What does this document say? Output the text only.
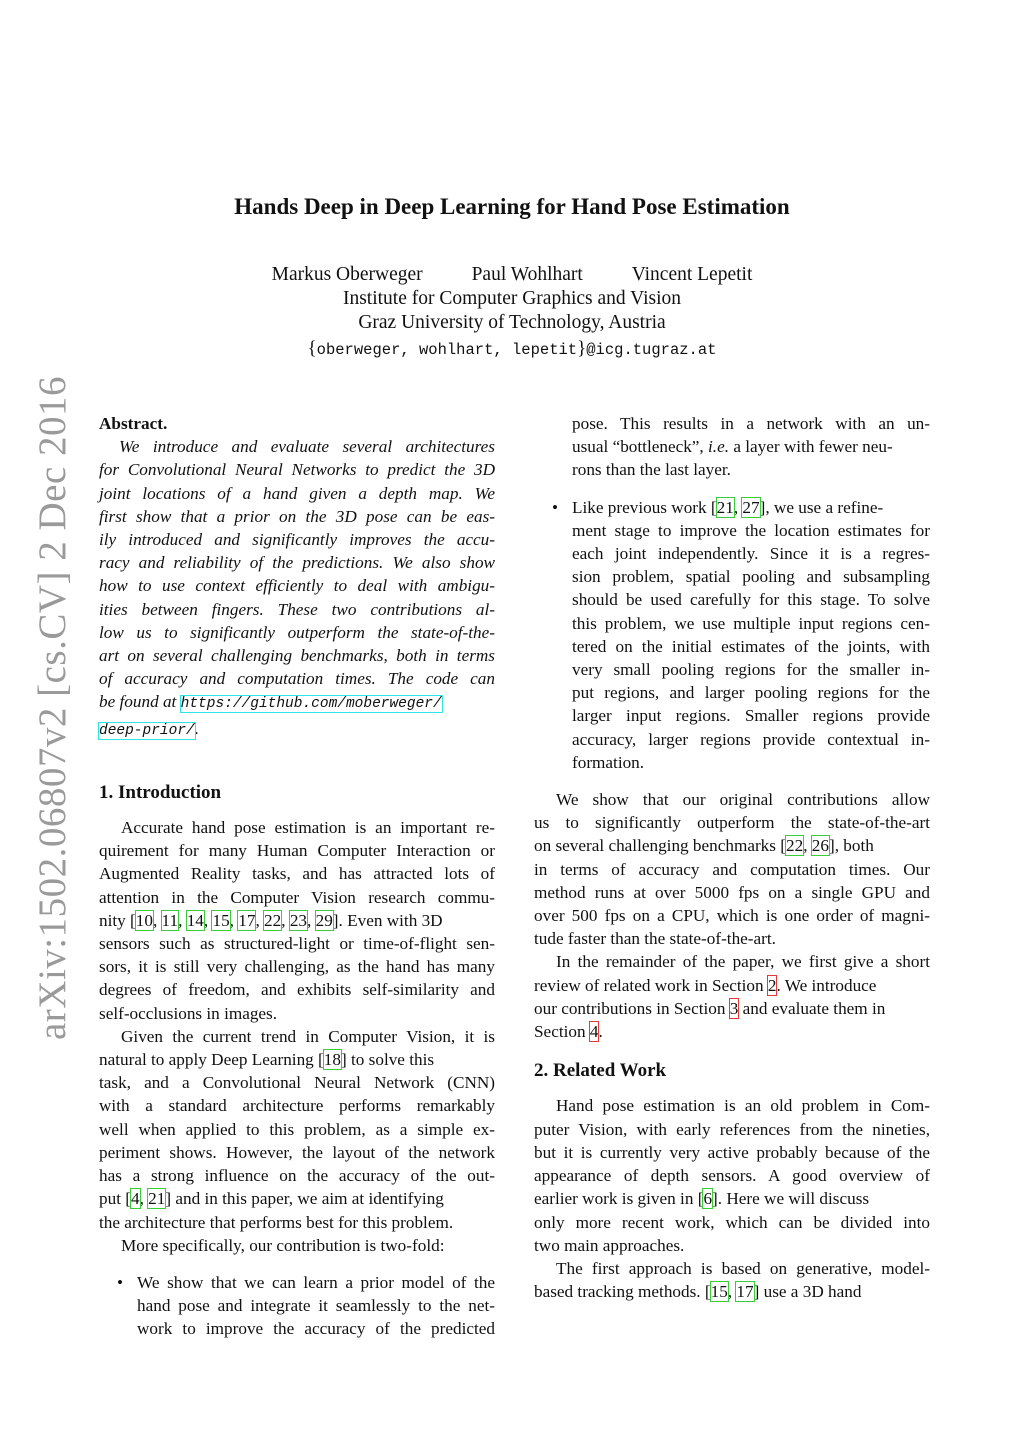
arXiv:1502.06807v2 [cs.CV] 2 Dec 2016
Hands Deep in Deep Learning for Hand Pose Estimation
Markus Oberweger	Paul Wohlhart	Vincent Lepetit
Institute for Computer Graphics and Vision
Graz University of Technology, Austria
{oberweger, wohlhart, lepetit}@icg.tugraz.at
Abstract.
We introduce and evaluate several architectures
for Convolutional Neural Networks to predict the 3D
joint locations of a hand given a depth map. We
first show that a prior on the 3D pose can be eas-
ily introduced and significantly improves the accu-
racy and reliability of the predictions. We also show
how to use context efficiently to deal with ambigu-
ities between fingers. These two contributions al-
low us to significantly outperform the state-of-the-
art on several challenging benchmarks, both in terms
of accuracy and computation times. The code can
be found at https://github.com/moberweger/
deep-prior/.
1. Introduction
Accurate hand pose estimation is an important re-
quirement for many Human Computer Interaction or
Augmented Reality tasks, and has attracted lots of
attention in the Computer Vision research commu-
nity [10, 11, 14, 15, 17, 22, 23, 29]. Even with 3D
sensors such as structured-light or time-of-flight sen-
sors, it is still very challenging, as the hand has many
degrees of freedom, and exhibits self-similarity and
self-occlusions in images.
Given the current trend in Computer Vision, it is
natural to apply Deep Learning [18] to solve this
task, and a Convolutional Neural Network (CNN)
with a standard architecture performs remarkably
well when applied to this problem, as a simple ex-
periment shows. However, the layout of the network
has a strong influence on the accuracy of the out-
put [4, 21] and in this paper, we aim at identifying
the architecture that performs best for this problem.
More specifically, our contribution is two-fold:
• We show that we can learn a prior model of the
hand pose and integrate it seamlessly to the net-
work to improve the accuracy of the predicted
pose. This results in a network with an un-
usual “bottleneck”, i.e. a layer with fewer neu-
rons than the last layer.
• Like previous work [21, 27], we use a refine-
ment stage to improve the location estimates for
each joint independently. Since it is a regres-
sion problem, spatial pooling and subsampling
should be used carefully for this stage. To solve
this problem, we use multiple input regions cen-
tered on the initial estimates of the joints, with
very small pooling regions for the smaller in-
put regions, and larger pooling regions for the
larger input regions. Smaller regions provide
accuracy, larger regions provide contextual in-
formation.
We show that our original contributions allow
us to significantly outperform the state-of-the-art
on several challenging benchmarks [22, 26], both
in terms of accuracy and computation times. Our
method runs at over 5000 fps on a single GPU and
over 500 fps on a CPU, which is one order of magni-
tude faster than the state-of-the-art.
In the remainder of the paper, we first give a short
review of related work in Section 2. We introduce
our contributions in Section 3 and evaluate them in
Section 4.
2. Related Work
Hand pose estimation is an old problem in Com-
puter Vision, with early references from the nineties,
but it is currently very active probably because of the
appearance of depth sensors. A good overview of
earlier work is given in [6]. Here we will discuss
only more recent work, which can be divided into
two main approaches.
The first approach is based on generative, model-
based tracking methods. [15, 17] use a 3D hand
